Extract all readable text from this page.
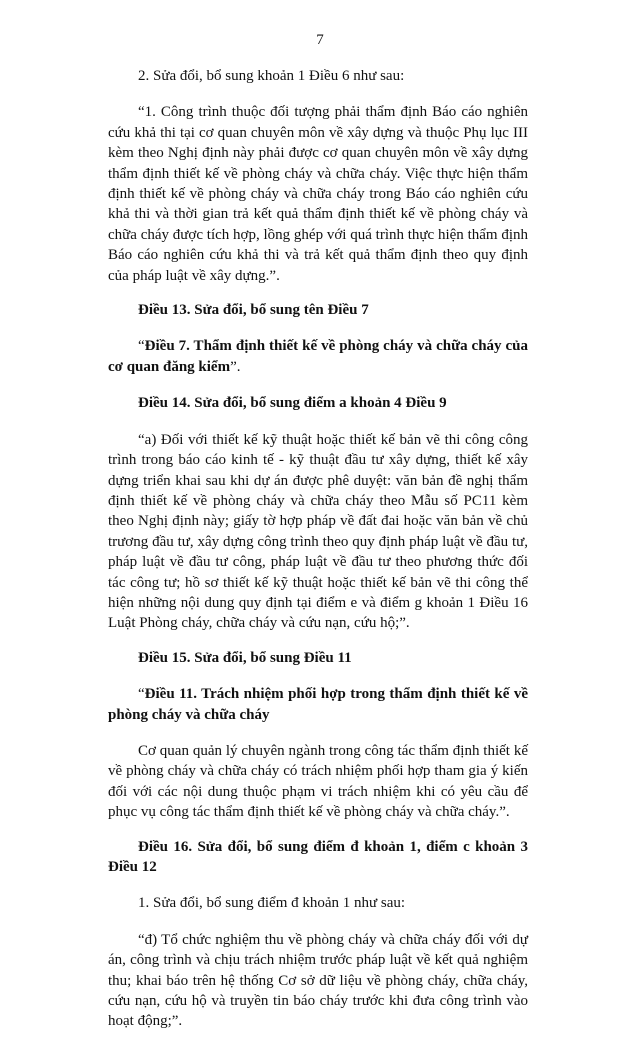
7

2. Sửa đổi, bổ sung khoản 1 Điều 6 như sau:

“1. Công trình thuộc đối tượng phải thẩm định Báo cáo nghiên cứu khả thi tại cơ quan chuyên môn về xây dựng và thuộc Phụ lục III kèm theo Nghị định này phải được cơ quan chuyên môn về xây dựng thẩm định thiết kế về phòng cháy và chữa cháy. Việc thực hiện thẩm định thiết kế về phòng cháy và chữa cháy trong Báo cáo nghiên cứu khả thi và thời gian trả kết quả thẩm định thiết kế về phòng cháy và chữa cháy được tích hợp, lồng ghép với quá trình thực hiện thẩm định Báo cáo nghiên cứu khả thi và trả kết quả thẩm định theo quy định của pháp luật về xây dựng.”.

Điều 13. Sửa đổi, bổ sung tên Điều 7

“Điều 7. Thẩm định thiết kế về phòng cháy và chữa cháy của cơ quan đăng kiểm”.

Điều 14. Sửa đổi, bổ sung điểm a khoản 4 Điều 9

“a) Đối với thiết kế kỹ thuật hoặc thiết kế bản vẽ thi công công trình trong báo cáo kinh tế - kỹ thuật đầu tư xây dựng, thiết kế xây dựng triển khai sau khi dự án được phê duyệt: văn bản đề nghị thẩm định thiết kế về phòng cháy và chữa cháy theo Mẫu số PC11 kèm theo Nghị định này; giấy tờ hợp pháp về đất đai hoặc văn bản về chủ trương đầu tư, xây dựng công trình theo quy định pháp luật về đầu tư, pháp luật về đầu tư công, pháp luật về đầu tư theo phương thức đối tác công tư; hồ sơ thiết kế kỹ thuật hoặc thiết kế bản vẽ thi công thể hiện những nội dung quy định tại điểm e và điểm g khoản 1 Điều 16 Luật Phòng cháy, chữa cháy và cứu nạn, cứu hộ;”.

Điều 15. Sửa đổi, bổ sung Điều 11

“Điều 11. Trách nhiệm phối hợp trong thẩm định thiết kế về phòng cháy và chữa cháy

Cơ quan quản lý chuyên ngành trong công tác thẩm định thiết kế về phòng cháy và chữa cháy có trách nhiệm phối hợp tham gia ý kiến đối với các nội dung thuộc phạm vi trách nhiệm khi có yêu cầu để phục vụ công tác thẩm định thiết kế về phòng cháy và chữa cháy.”.

Điều 16. Sửa đổi, bổ sung điểm đ khoản 1, điểm c khoản 3 Điều 12

1. Sửa đổi, bổ sung điểm đ khoản 1 như sau:

“đ) Tổ chức nghiệm thu về phòng cháy và chữa cháy đối với dự án, công trình và chịu trách nhiệm trước pháp luật về kết quả nghiệm thu; khai báo trên hệ thống Cơ sở dữ liệu về phòng cháy, chữa cháy, cứu nạn, cứu hộ và truyền tin báo cháy trước khi đưa công trình vào hoạt động;”.
